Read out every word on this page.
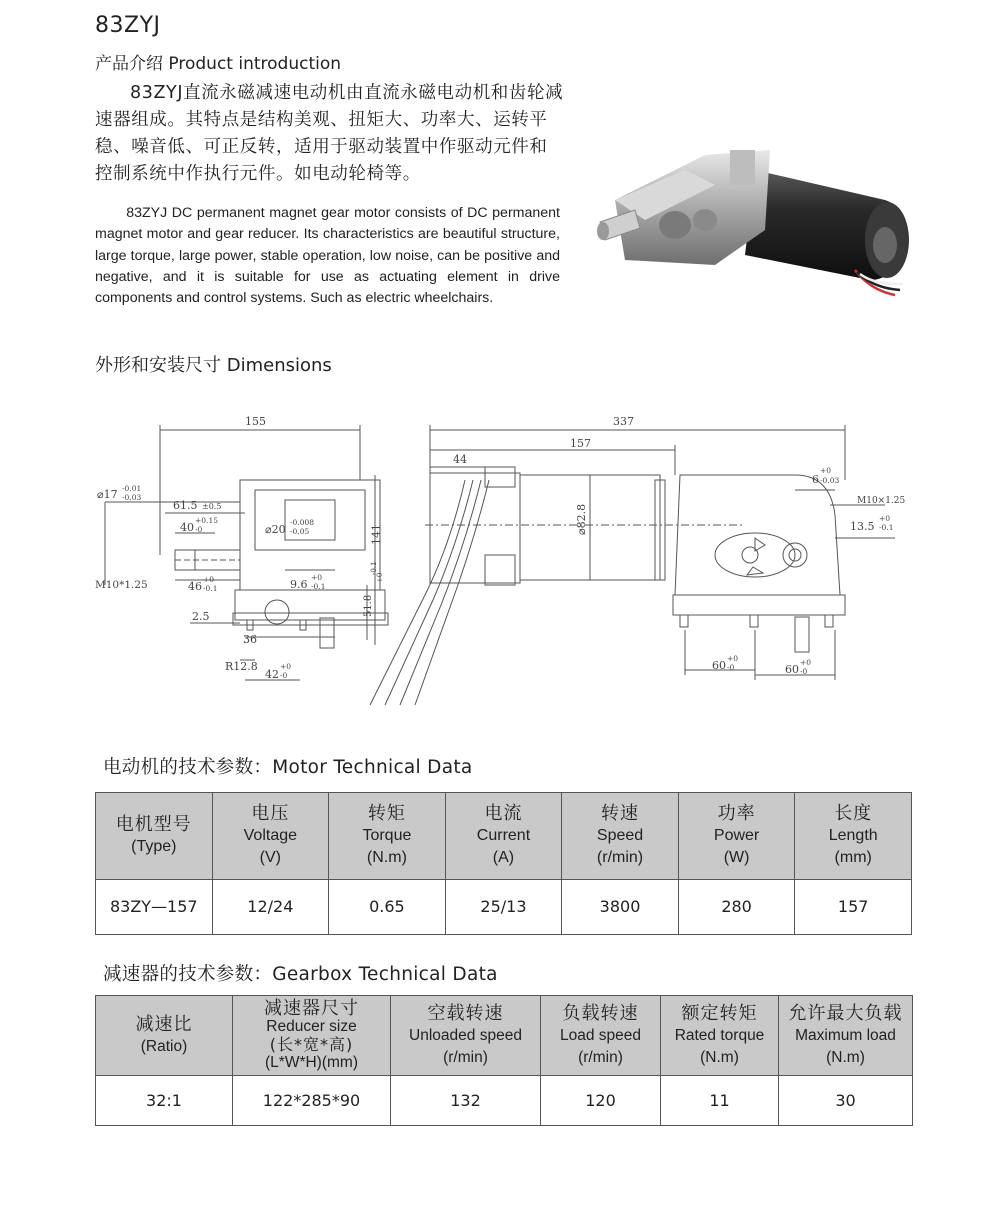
83ZYJ
产品介绍 Product introduction

83ZYJ直流永磁减速电动机由直流永磁电动机和齿轮减速器组成。其特点是结构美观、扭矩大、功率大、运转平稳、噪音低、可正反转，适用于驱动装置中作驱动元件和控制系统中作执行元件。如电动轮椅等。

83ZYJ DC permanent magnet gear motor consists of DC permanent magnet motor and gear reducer. Its characteristics are beautiful structure, large torque, large power, stable operation, low noise, can be positive and negative, and it is suitable for use as actuating element in drive components and control systems. Such as electric wheelchairs.

外形和安装尺寸 Dimensions
155
⌀17 -0.01
-0.03
61.5 ±0.5
40
+0.15
-0	⌀20
-0.008
-0.05	141
M10*1.25	46
+0
-0.1	9.6
+0
-0.1
51.8
+0
-0.1
2.5
36
R12.8
42
+0
-0
337
157
44
⌀82.8
6
+0
-0.03
M10×1.25
13.5
+0
-0.1
60
+0
-0	60
+0
-0
电动机的技术参数：Motor Technical Data
电机型号
(Type)	电压
Voltage
(V)	转矩
Torque
(N.m)	电流
Current
(A)	转速
Speed
(r/min)	功率
Power
(W)	长度
Length
(mm)

83ZY—157	12/24	0.65	25/13	3800	280	157
减速器的技术参数：Gearbox Technical Data
减速比
(Ratio)	减速器尺寸
Reducer size
(长*宽*高)
(L*W*H)(mm)	空载转速
Unloaded speed
(r/min)	负载转速
Load speed
(r/min)	额定转矩
Rated torque
(N.m)	允许最大负载
Maximum load
(N.m)

32:1	122*285*90	132	120	11	30
